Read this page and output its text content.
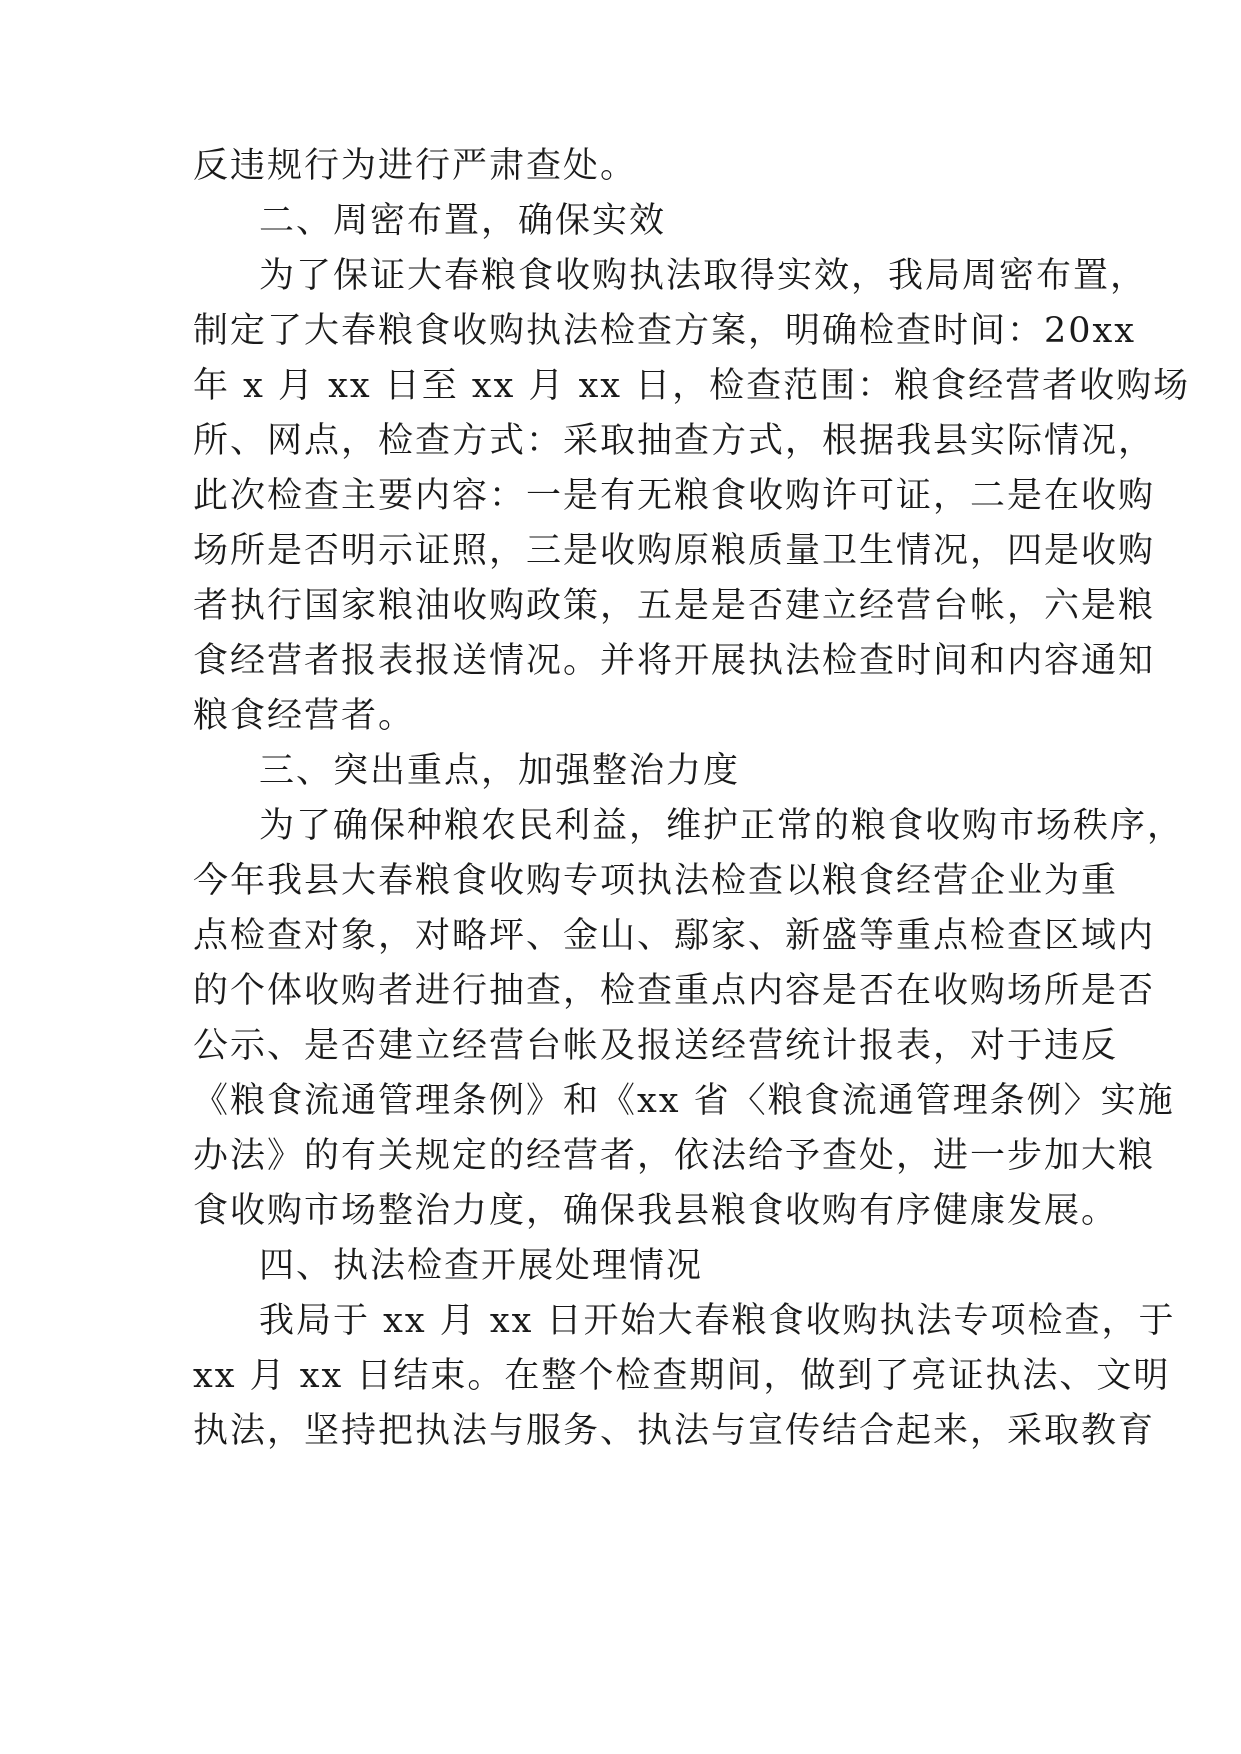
反违规行为进行严肃查处。
二、周密布置，确保实效
为了保证大春粮食收购执法取得实效，我局周密布置，
制定了大春粮食收购执法检查方案，明确检查时间：20xx
年 x 月 xx 日至 xx 月 xx 日，检查范围：粮食经营者收购场
所、网点，检查方式：采取抽查方式，根据我县实际情况，
此次检查主要内容：一是有无粮食收购许可证，二是在收购
场所是否明示证照，三是收购原粮质量卫生情况，四是收购
者执行国家粮油收购政策，五是是否建立经营台帐，六是粮
食经营者报表报送情况。并将开展执法检查时间和内容通知
粮食经营者。
三、突出重点，加强整治力度
为了确保种粮农民利益，维护正常的粮食收购市场秩序，
今年我县大春粮食收购专项执法检查以粮食经营企业为重
点检查对象，对略坪、金山、鄢家、新盛等重点检查区域内
的个体收购者进行抽查，检查重点内容是否在收购场所是否
公示、是否建立经营台帐及报送经营统计报表，对于违反
《粮食流通管理条例》和《xx 省〈粮食流通管理条例〉实施
办法》的有关规定的经营者，依法给予查处，进一步加大粮
食收购市场整治力度，确保我县粮食收购有序健康发展。
四、执法检查开展处理情况
我局于 xx 月 xx 日开始大春粮食收购执法专项检查，于
xx 月 xx 日结束。在整个检查期间，做到了亮证执法、文明
执法，坚持把执法与服务、执法与宣传结合起来，采取教育
